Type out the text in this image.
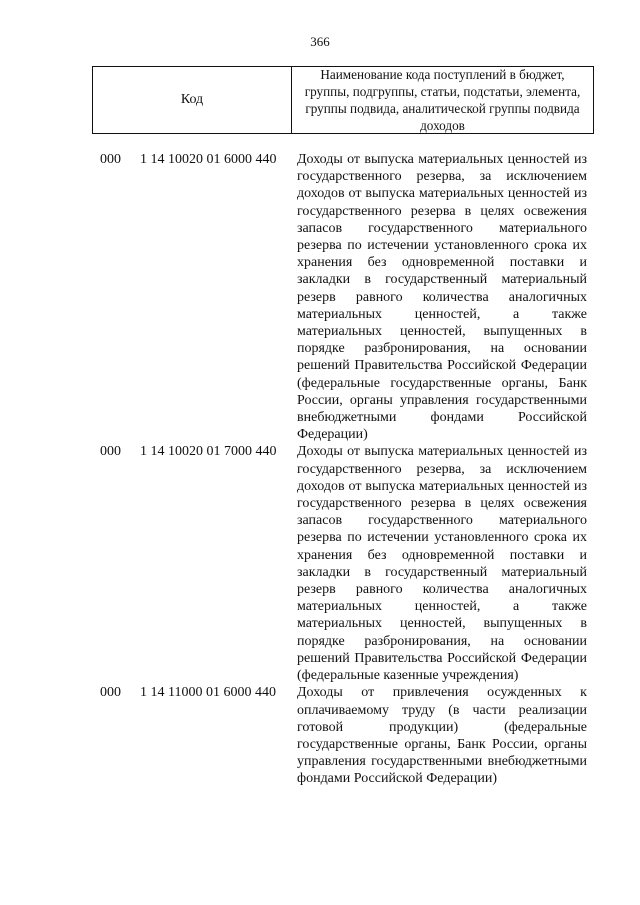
366
Код
Наименование кода поступлений в бюджет, группы, подгруппы, статьи, подстатьи, элемента, группы подвида, аналитической группы подвида доходов
000 1 14 10020 01 6000 440 Доходы от выпуска материальных ценностей из государственного резерва, за исключением доходов от выпуска материальных ценностей из государственного резерва в целях освежения запасов государственного материального резерва по истечении установленного срока их хранения без одновременной поставки и закладки в государственный материальный резерв равного количества аналогичных материальных ценностей, а также материальных ценностей, выпущенных в порядке разбронирования, на основании решений Правительства Российской Федерации (федеральные государственные органы, Банк России, органы управления государственными внебюджетными фондами Российской Федерации)
000 1 14 10020 01 7000 440 Доходы от выпуска материальных ценностей из государственного резерва, за исключением доходов от выпуска материальных ценностей из государственного резерва в целях освежения запасов государственного материального резерва по истечении установленного срока их хранения без одновременной поставки и закладки в государственный материальный резерв равного количества аналогичных материальных ценностей, а также материальных ценностей, выпущенных в порядке разбронирования, на основании решений Правительства Российской Федерации (федеральные казенные учреждения)
000 1 14 11000 01 6000 440 Доходы от привлечения осужденных к оплачиваемому труду (в части реализации готовой продукции) (федеральные государственные органы, Банк России, органы управления государственными внебюджетными фондами Российской Федерации)
